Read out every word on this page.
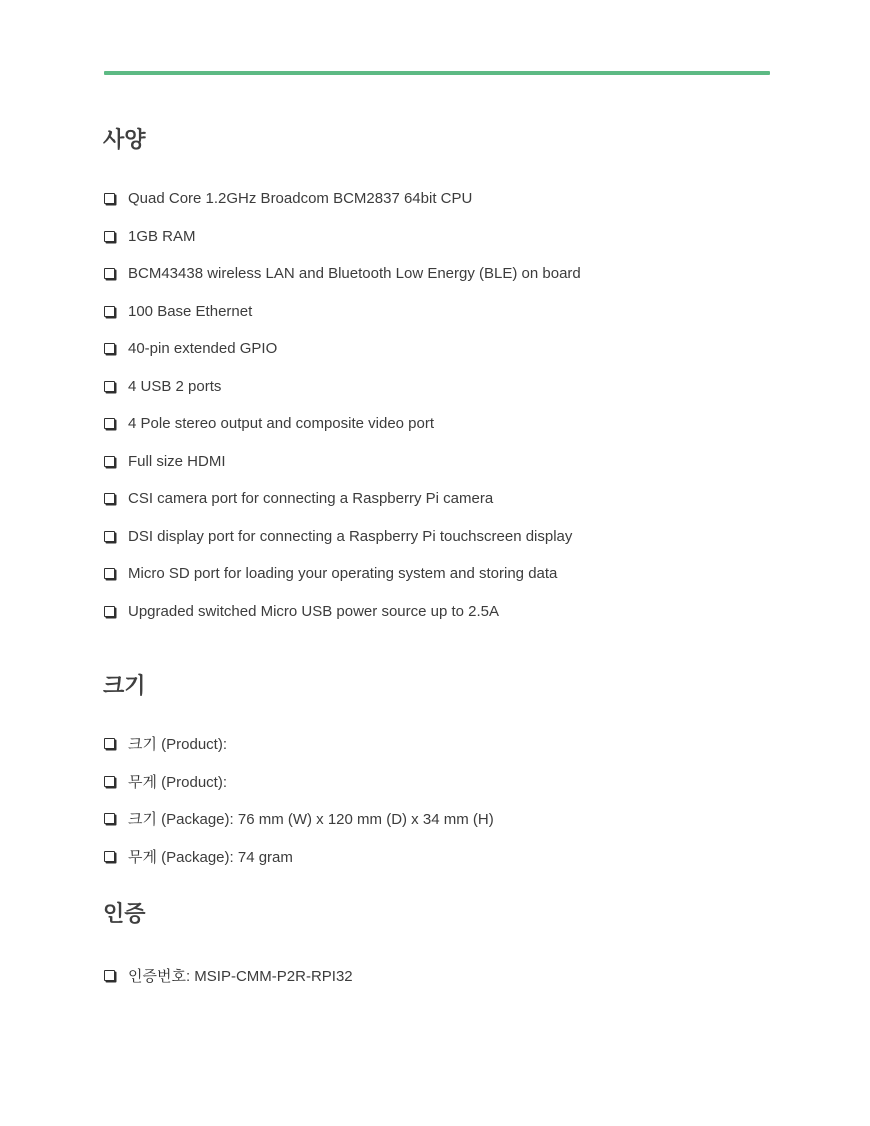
사양
Quad Core 1.2GHz Broadcom BCM2837 64bit CPU
1GB RAM
BCM43438 wireless LAN and Bluetooth Low Energy (BLE) on board
100 Base Ethernet
40-pin extended GPIO
4 USB 2 ports
4 Pole stereo output and composite video port
Full size HDMI
CSI camera port for connecting a Raspberry Pi camera
DSI display port for connecting a Raspberry Pi touchscreen display
Micro SD port for loading your operating system and storing data
Upgraded switched Micro USB power source up to 2.5A
크기
크기 (Product):
무게 (Product):
크기 (Package): 76 mm (W) x 120 mm (D) x 34 mm (H)
무게 (Package): 74 gram
인증
인증번호: MSIP-CMM-P2R-RPI32
